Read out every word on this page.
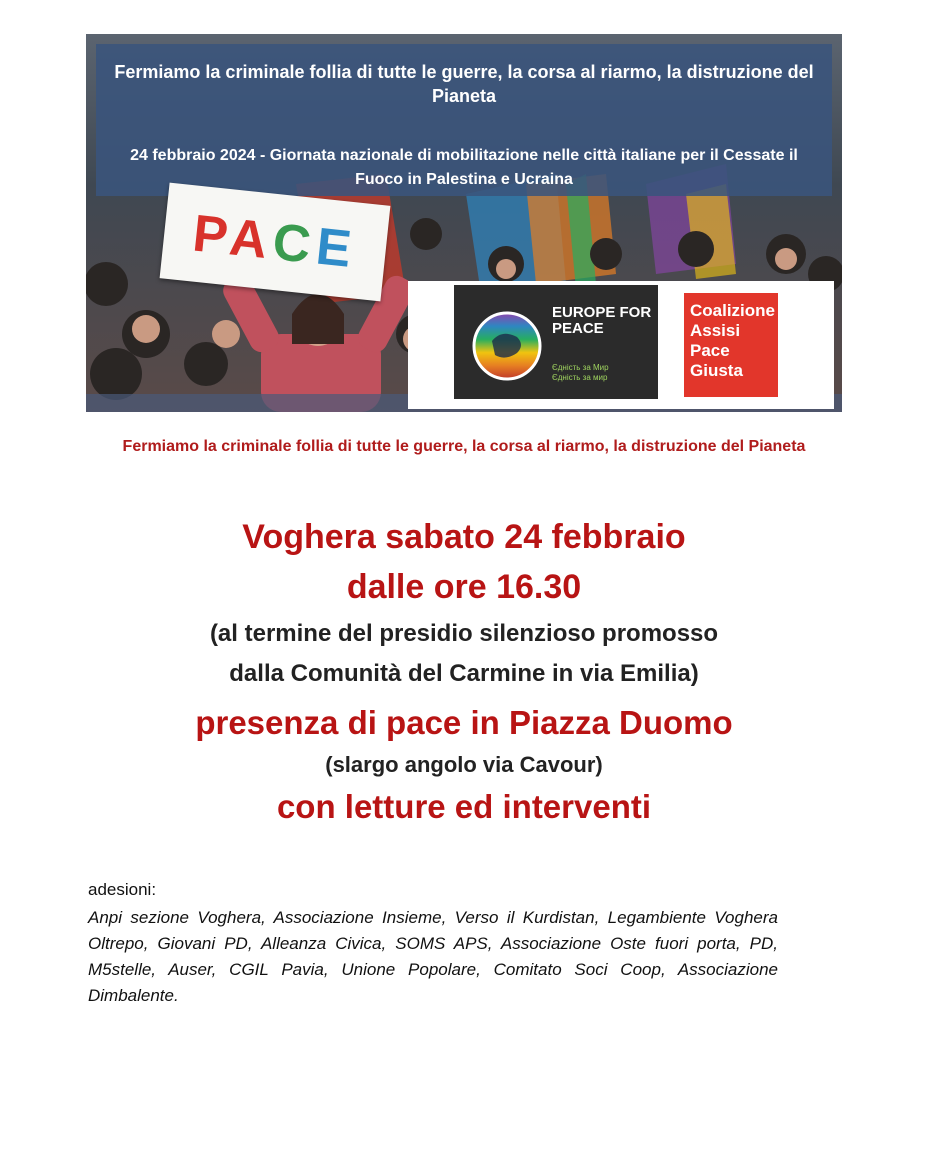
Fermiamo la criminale follia di tutte le guerre, la corsa al riarmo, la distruzione del Pianeta
24 febbraio 2024 - Giornata nazionale di mobilitazione nelle città italiane per il Cessate il Fuoco in Palestina e Ucraina
PACE
EUROPE FOR PEACE
Єдність за Мир
Єдність за мир
Coalizione Assisi Pace Giusta
Fermiamo la criminale follia di tutte le guerre, la corsa al riarmo, la distruzione del Pianeta
Voghera sabato 24 febbraio
dalle ore 16.30
(al termine del presidio silenzioso promosso
dalla Comunità del Carmine in via Emilia)
presenza di pace in Piazza Duomo
(slargo angolo via Cavour)
con letture ed interventi
adesioni:
Anpi sezione Voghera, Associazione Insieme, Verso il Kurdistan, Legambiente Voghera Oltrepo, Giovani PD, Alleanza Civica, SOMS APS, Associazione Oste fuori porta, PD, M5stelle, Auser, CGIL Pavia, Unione Popolare, Comitato Soci Coop, Associazione Dimbalente.
